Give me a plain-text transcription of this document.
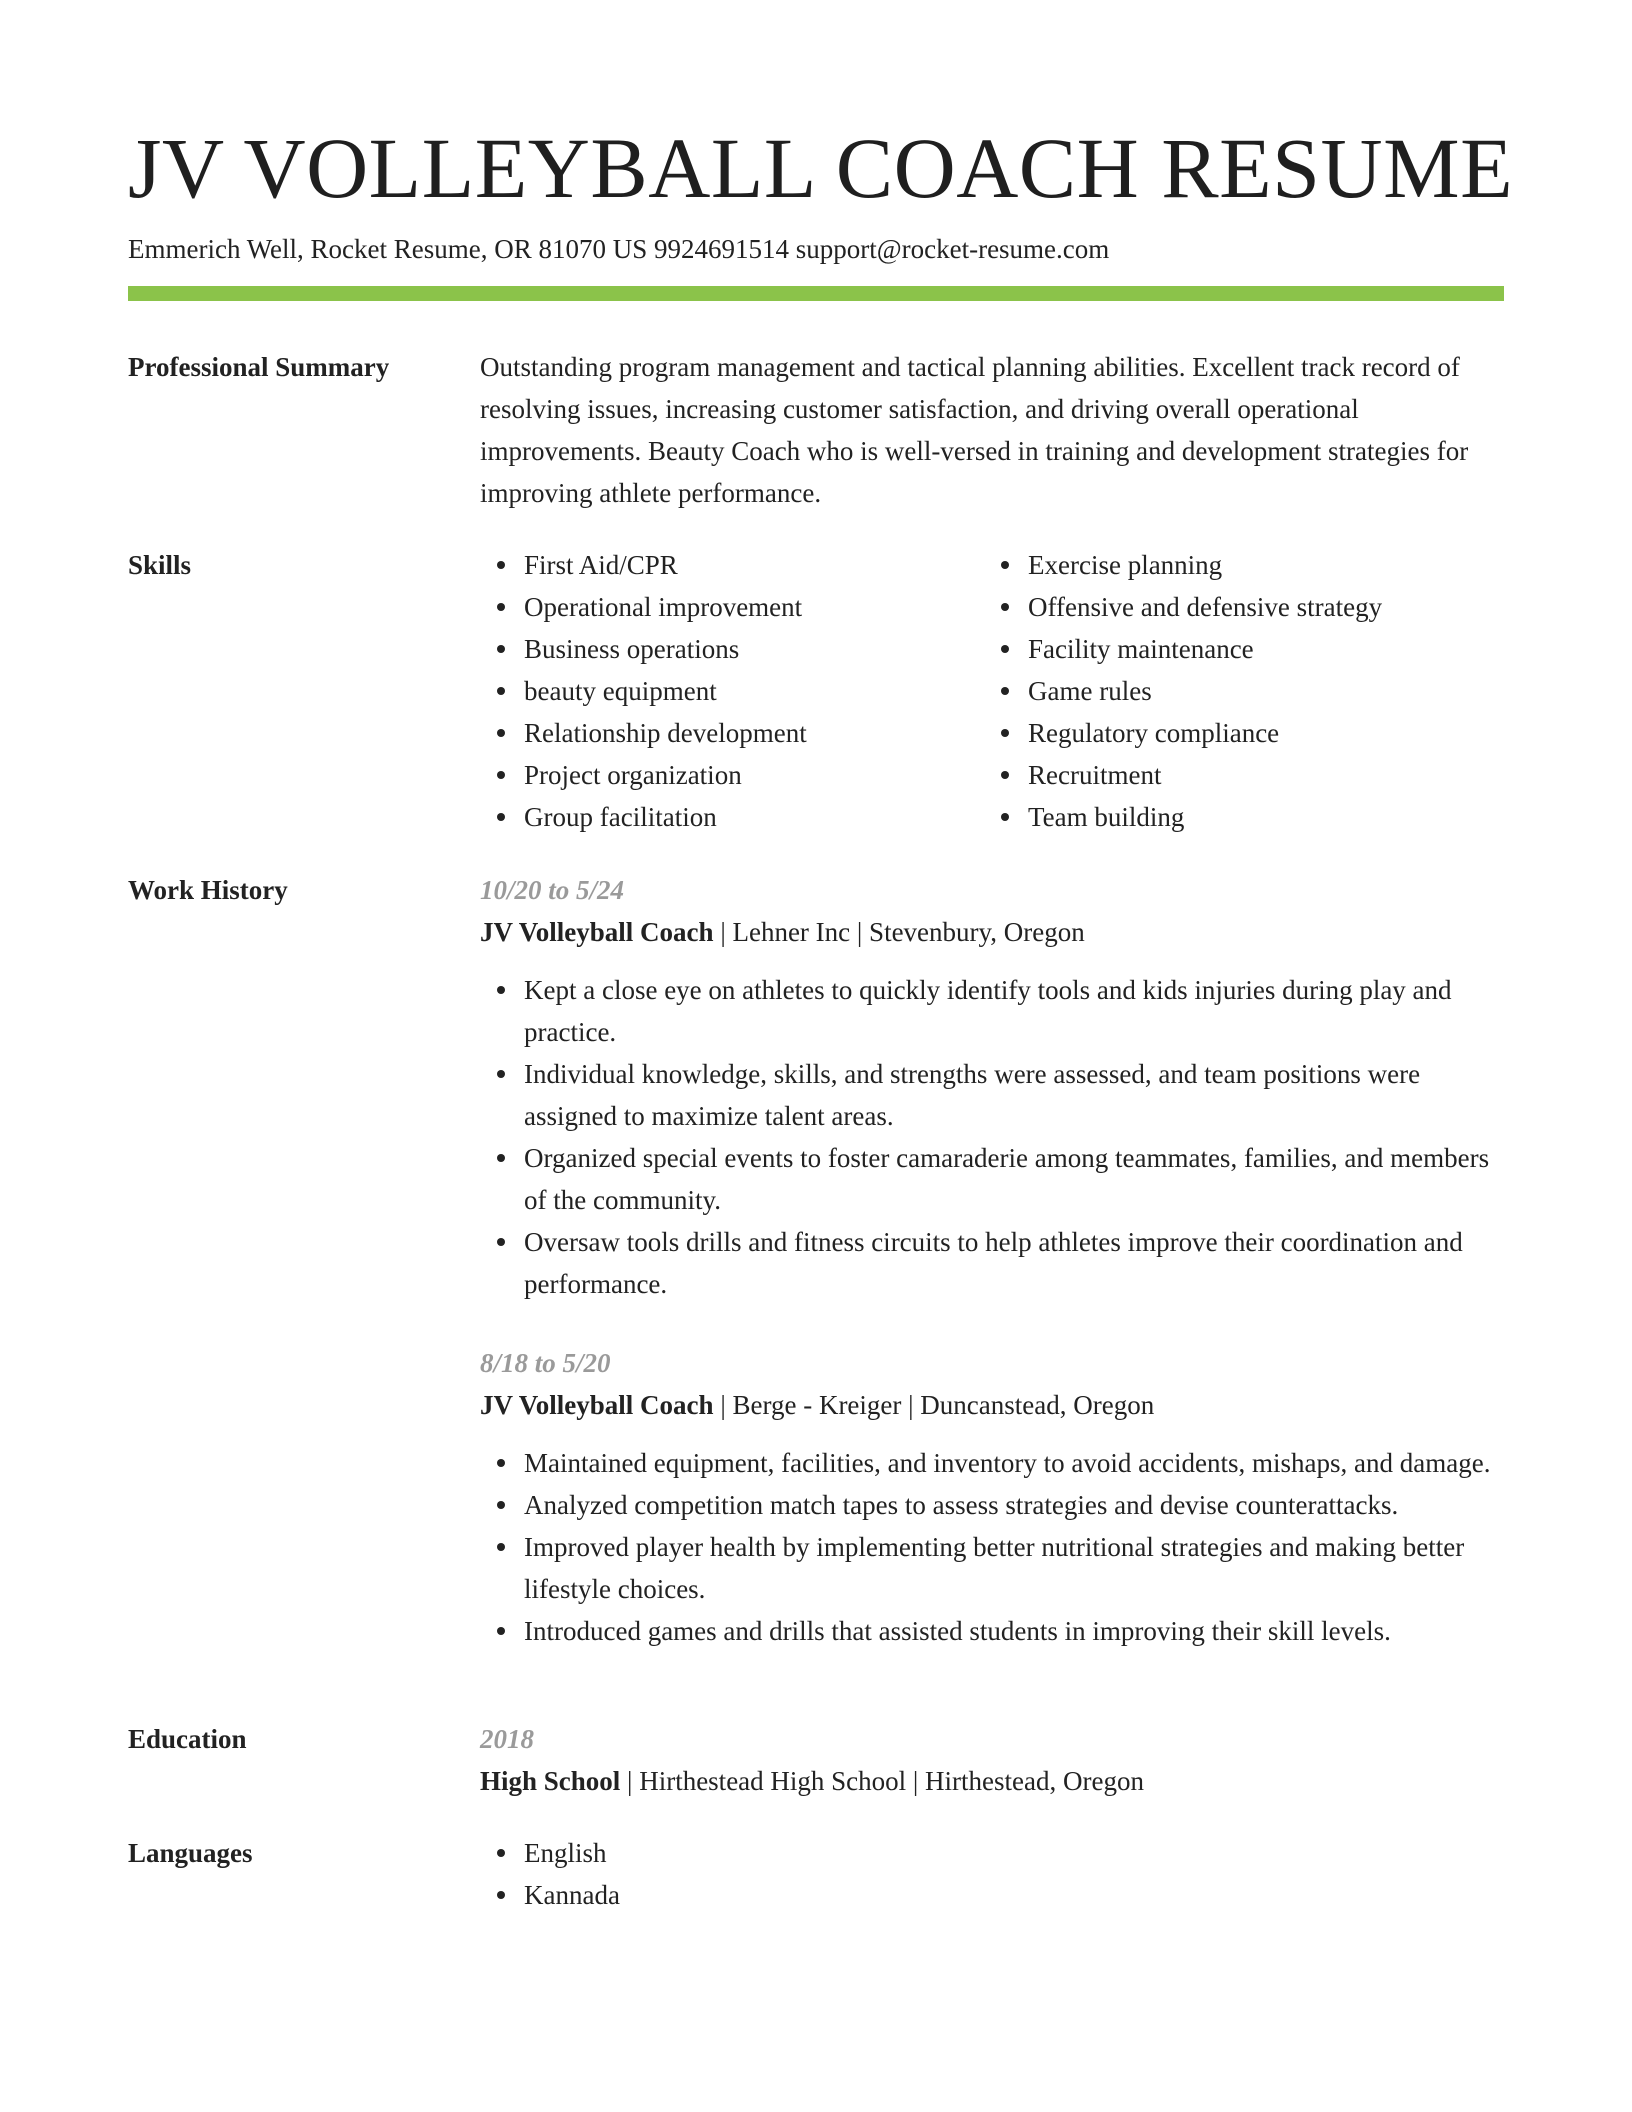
JV VOLLEYBALL COACH RESUME
Emmerich Well, Rocket Resume, OR 81070 US 9924691514 support@rocket-resume.com
Professional Summary	Outstanding program management and tactical planning abilities. Excellent track record of resolving issues, increasing customer satisfaction, and driving overall operational improvements. Beauty Coach who is well-versed in training and development strategies for improving athlete performance.

Skills	First Aid/CPR
Operational improvement
Business operations
beauty equipment
Relationship development
Project organization
Group facilitation
Exercise planning
Offensive and defensive strategy
Facility maintenance
Game rules
Regulatory compliance
Recruitment
Team building
Work History	10/20 to 5/24
JV Volleyball Coach | Lehner Inc | Stevenbury, Oregon
Kept a close eye on athletes to quickly identify tools and kids injuries during play and practice.
Individual knowledge, skills, and strengths were assessed, and team positions were assigned to maximize talent areas.
Organized special events to foster camaraderie among teammates, families, and members of the community.
Oversaw tools drills and fitness circuits to help athletes improve their coordination and performance.
8/18 to 5/20
JV Volleyball Coach | Berge - Kreiger | Duncanstead, Oregon
Maintained equipment, facilities, and inventory to avoid accidents, mishaps, and damage.
Analyzed competition match tapes to assess strategies and devise counterattacks.
Improved player health by implementing better nutritional strategies and making better lifestyle choices.
Introduced games and drills that assisted students in improving their skill levels.
Education	2018
High School | Hirthestead High School | Hirthestead, Oregon
Languages	English
Kannada
